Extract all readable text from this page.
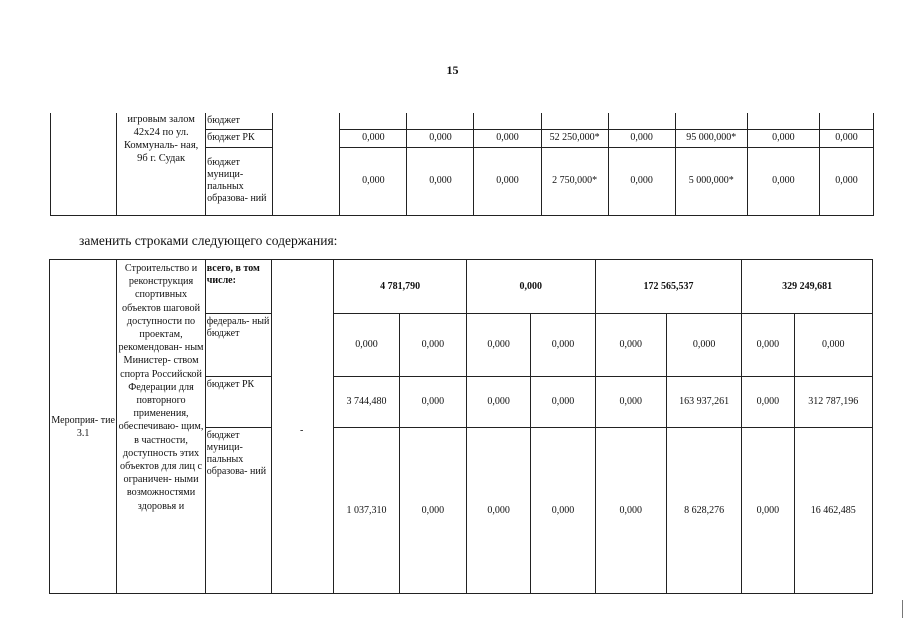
15
	игровым залом 42х24 по ул. Коммуналь- ная, 9б г. Судак	бюджет									
		бюджет РК		0,000	0,000	0,000	52 250,000*	0,000	95 000,000*	0,000	0,000
		бюджет муници- пальных образова- ний		0,000	0,000	0,000	2 750,000*	0,000	5 000,000*	0,000	0,000
заменить строками следующего содержания:
Мероприя- тие 3.1	Строительство и реконструкция спортивных объектов шаговой доступности по проектам, рекомендован- ным Министер- ством спорта Российской Федерации для повторного применения, обеспечиваю- щим, в частности, доступность этих объектов для лиц с ограничен- ными возможностями здоровья и	всего, в том числе:		4 781,790		0,000		172 565,537		329 249,681	
		федераль- ный бюджет		0,000	0,000	0,000	0,000	0,000	0,000	0,000	0,000
		бюджет РК		3 744,480	0,000	0,000	0,000	0,000	163 937,261	0,000	312 787,196
		бюджет муници- пальных образова- ний		1 037,310	0,000	0,000	0,000	0,000	8 628,276	0,000	16 462,485
-
